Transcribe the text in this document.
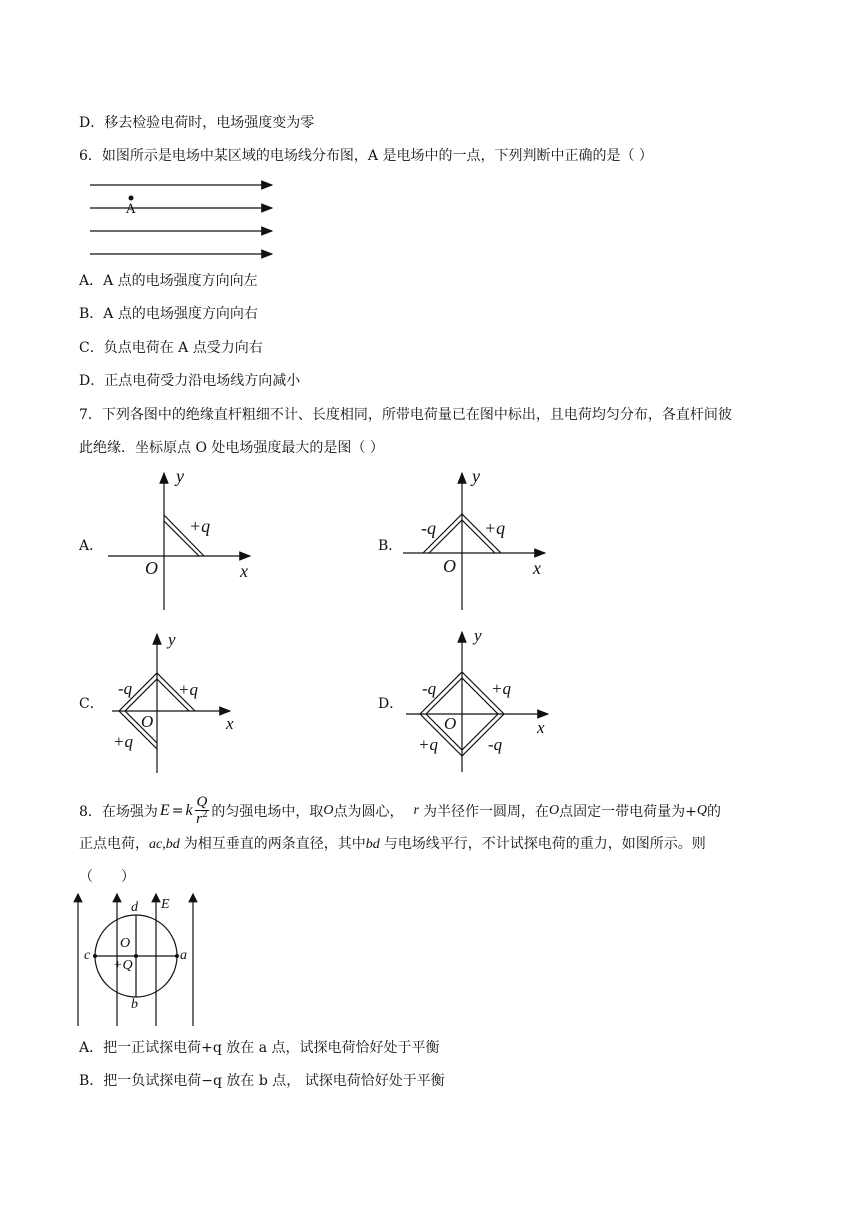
D．移去检验电荷时，电场强度变为零
6．如图所示是电场中某区域的电场线分布图，A 是电场中的一点，下列判断中正确的是（ ）
A
A．A 点的电场强度方向向左
B．A 点的电场强度方向向右
C．负点电荷在 A 点受力向右
D．正点电荷受力沿电场线方向减小
7．下列各图中的绝缘直杆粗细不计、长度相同，所带电荷量已在图中标出，且电荷均匀分布，各直杆间彼
此绝缘．坐标原点 O 处电场强度最大的是图（ ）
A．
y
+q
O	x
B．
y
-q	+q
O	x
C．
y
-q	+q
O	x
+q
D．
y
-q	+q
O	x
+q	-q
8．在场强为 E = k Q
$r^2$ 的匀强电场中，取 O 点为圆心， r 为半径作一圆周，在 O 点固定一带电荷量为+ Q 的
正点电荷，ac,bd 为相互垂直的两条直径，其中bd 与电场线平行，不计试探电荷的重力，如图所示。则
（　　）
d E
O
c	a
+Q
b
A．把一正试探电荷+q 放在 a 点，试探电荷恰好处于平衡
B．把一负试探电荷−q 放在 b 点， 试探电荷恰好处于平衡
